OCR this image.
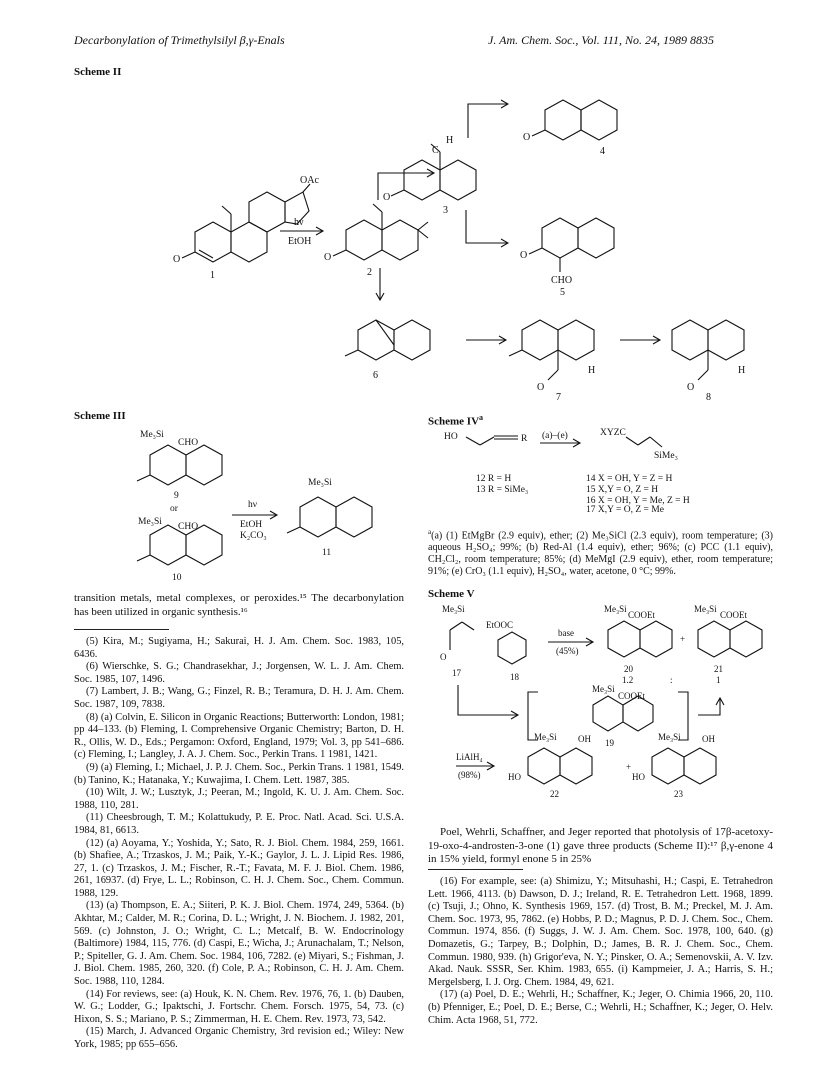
Decarbonylation of Trimethylsilyl β,γ-Enals	J. Am. Chem. Soc., Vol. 111, No. 24, 1989 8835
Scheme II
OAc
hν
EtOH
O	O
O
O
O
H
C
CHO
H	H
O	O
1	2
3
4
5
6
7	8
Scheme III
Me₃Si
CHO
9
or
Me₃Si CHO
10
hν
EtOH
K₂CO₃
Me₃Si
11
Scheme $IV^a$
HO	R (a)–(e)	XYZC
SiMe₃
12 R = H
13 R = SiMe₃
14 X = OH, Y = Z = H
15 X,Y = O, Z = H
16 X = OH, Y = Me, Z = H
17 X,Y = O, Z = Me
$^a$(a) (1) EtMgBr (2.9 equiv), ether; (2) Me₃SiCl (2.3 equiv), room temperature; (3) aqueous H₂SO₄; 99%; (b) Red-Al (1.4 equiv), ether; 96%; (c) PCC (1.1 equiv), CH₂Cl₂, room temperature; 85%; (d) MeMgI (2.9 equiv), ether, room temperature; 91%; (e) CrO₃ (1.1 equiv), H₂SO₄, water, acetone, 0 °C; 99%.
Scheme V
Me₃Si
O
17
EtOOC
18
base
(45%)
Me₃Si
COOEt
20
1.2
+
Me₃Si
COOEt
21
:	1
Me₃Si
COOEt
19
LiAlH₄
(98%)
Me₃Si OH
HO
22
+
Me₃Si OH
HO
23
transition metals, metal complexes, or peroxides.¹⁵ The decarbonylation has been utilized in organic synthesis.¹⁶

(5) Kira, M.; Sugiyama, H.; Sakurai, H. J. Am. Chem. Soc. 1983, 105, 6436.

(6) Wierschke, S. G.; Chandrasekhar, J.; Jorgensen, W. L. J. Am. Chem. Soc. 1985, 107, 1496.

(7) Lambert, J. B.; Wang, G.; Finzel, R. B.; Teramura, D. H. J. Am. Chem. Soc. 1987, 109, 7838.

(8) (a) Colvin, E. Silicon in Organic Reactions; Butterworth: London, 1981; pp 44–133. (b) Fleming, I. Comprehensive Organic Chemistry; Barton, D. H. R., Ollis, W. D., Eds.; Pergamon: Oxford, England, 1979; Vol. 3, pp 541–686. (c) Fleming, I.; Langley, J. A. J. Chem. Soc., Perkin Trans. 1 1981, 1421.

(9) (a) Fleming, I.; Michael, J. P. J. Chem. Soc., Perkin Trans. 1 1981, 1549. (b) Tanino, K.; Hatanaka, Y.; Kuwajima, I. Chem. Lett. 1987, 385.

(10) Wilt, J. W.; Lusztyk, J.; Peeran, M.; Ingold, K. U. J. Am. Chem. Soc. 1988, 110, 281.

(11) Cheesbrough, T. M.; Kolattukudy, P. E. Proc. Natl. Acad. Sci. U.S.A. 1984, 81, 6613.

(12) (a) Aoyama, Y.; Yoshida, Y.; Sato, R. J. Biol. Chem. 1984, 259, 1661. (b) Shafiee, A.; Trzaskos, J. M.; Paik, Y.-K.; Gaylor, J. L. J. Lipid Res. 1986, 27, 1. (c) Trzaskos, J. M.; Fischer, R.-T.; Favata, M. F. J. Biol. Chem. 1986, 261, 16937. (d) Frye, L. L.; Robinson, C. H. J. Chem. Soc., Chem. Commun. 1988, 129.

(13) (a) Thompson, E. A.; Siiteri, P. K. J. Biol. Chem. 1974, 249, 5364. (b) Akhtar, M.; Calder, M. R.; Corina, D. L.; Wright, J. N. Biochem. J. 1982, 201, 569. (c) Johnston, J. O.; Wright, C. L.; Metcalf, B. W. Endocrinology (Baltimore) 1984, 115, 776. (d) Caspi, E.; Wicha, J.; Arunachalam, T.; Nelson, P.; Spiteller, G. J. Am. Chem. Soc. 1984, 106, 7282. (e) Miyari, S.; Fishman, J. J. Biol. Chem. 1985, 260, 320. (f) Cole, P. A.; Robinson, C. H. J. Am. Chem. Soc. 1988, 110, 1284.

(14) For reviews, see: (a) Houk, K. N. Chem. Rev. 1976, 76, 1. (b) Dauben, W. G.; Lodder, G.; Ipaktschi, J. Fortschr. Chem. Forsch. 1975, 54, 73. (c) Hixon, S. S.; Mariano, P. S.; Zimmerman, H. E. Chem. Rev. 1973, 73, 542.

(15) March, J. Advanced Organic Chemistry, 3rd revision ed.; Wiley: New York, 1985; pp 655–656.

Poel, Wehrli, Schaffner, and Jeger reported that photolysis of 17β-acetoxy-19-oxo-4-androsten-3-one (1) gave three products (Scheme II):¹⁷ β,γ-enone 4 in 15% yield, formyl enone 5 in 25%

(16) For example, see: (a) Shimizu, Y.; Mitsuhashi, H.; Caspi, E. Tetrahedron Lett. 1966, 4113. (b) Dawson, D. J.; Ireland, R. E. Tetrahedron Lett. 1968, 1899. (c) Tsuji, J.; Ohno, K. Synthesis 1969, 157. (d) Trost, B. M.; Preckel, M. J. Am. Chem. Soc. 1973, 95, 7862. (e) Hobbs, P. D.; Magnus, P. D. J. Chem. Soc., Chem. Commun. 1974, 856. (f) Suggs, J. W. J. Am. Chem. Soc. 1978, 100, 640. (g) Domazetis, G.; Tarpey, B.; Dolphin, D.; James, B. R. J. Chem. Soc., Chem. Commun. 1980, 939. (h) Grigor'eva, N. Y.; Pinsker, O. A.; Semenovskii, A. V. Izv. Akad. Nauk. SSSR, Ser. Khim. 1983, 655. (i) Kampmeier, J. A.; Harris, S. H.; Mergelsberg, I. J. Org. Chem. 1984, 49, 621.

(17) (a) Poel, D. E.; Wehrli, H.; Schaffner, K.; Jeger, O. Chimia 1966, 20, 110. (b) Pfenniger, E.; Poel, D. E.; Berse, C.; Wehrli, H.; Schaffner, K.; Jeger, O. Helv. Chim. Acta 1968, 51, 772.
